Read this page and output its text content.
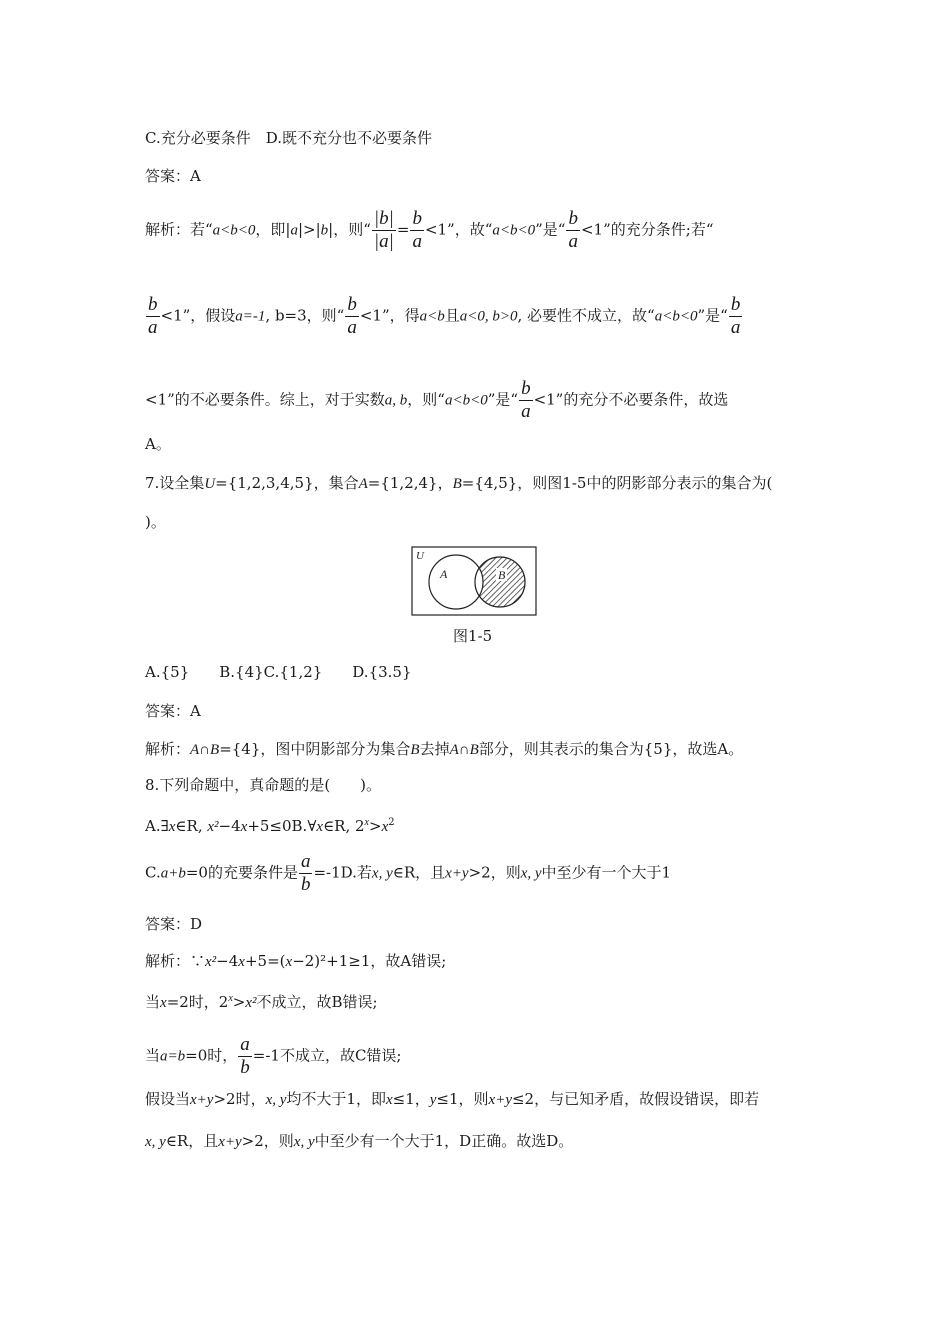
C.充分必要条件　D.既不充分也不必要条件
答案：A
解析：若“a<b<0，即|a|>|b|，则“ $\frac{|b|}{|a|} = \frac{b}{a} <1$”，故“a<b<0”是“ $\frac{b}{a} <1$”的充分条件;若“
$\frac{b}{a} <1$”，假设a=-1, b=3，则“ $\frac{b}{a} <1$”，得a<b且a<0, b>0, 必要性不成立，故“a<b<0”是“ $\frac{b}{a}$
<1”的不必要条件。综上，对于实数a, b，则“a<b<0”是“ $\frac{b}{a} <1$”的充分不必要条件，故选
A。
7.设全集U={1,2,3,4,5}，集合A={1,2,4}，B={4,5}，则图1-5中的阴影部分表示的集合为(
)。
U
A	B
图1-5
A.{5}　　B.{4}C.{1,2}　　D.{3.5}
答案：A
解析：A∩B={4}，图中阴影部分为集合B去掉A∩B部分，则其表示的集合为{5}，故选A。
8.下列命题中，真命题的是(　　)。
A.∃x∈R, x²−4x+5≤0B.∀x∈R, $2^x>x^2$
C.a+b=0的充要条件是 $\frac{a}{b} =-1D$.若x, y∈R，且x+y>2，则x, y中至少有一个大于1
答案：D
解析：∵x²−4x+5=(x−2)²+1≥1，故A错误;
当x=2时，$2^x>x^2$不成立，故B错误;
当a=b=0时， $\frac{a}{b} =-1$不成立，故C错误;
假设当x+y>2时，x, y均不大于1，即x≤1，y≤1，则x+y≤2，与已知矛盾，故假设错误，即若
x, y∈R，且x+y>2，则x, y中至少有一个大于1，D正确。故选D。
